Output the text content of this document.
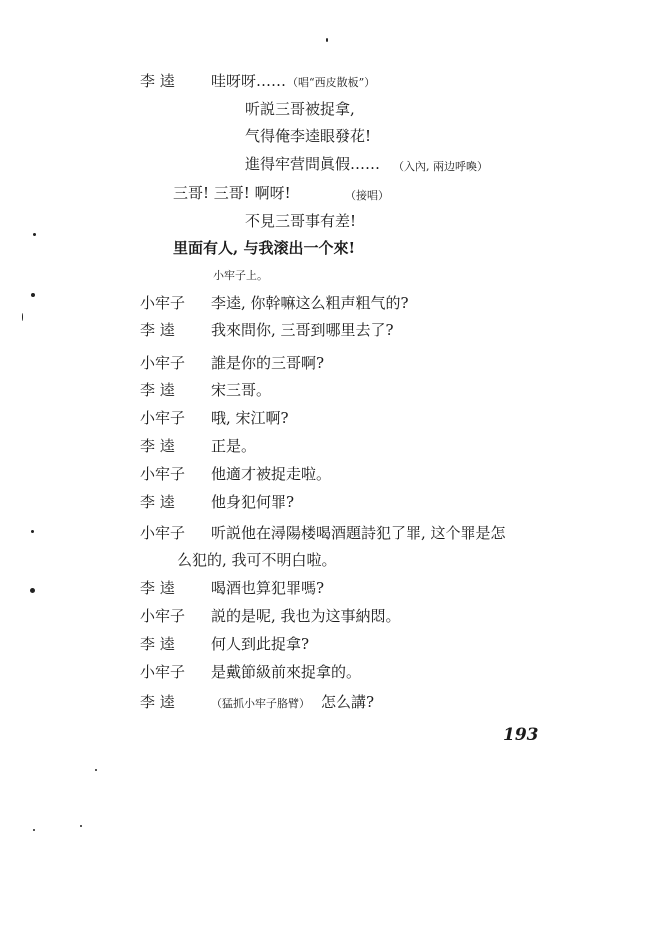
李 逵 哇呀呀…… （唱“西皮散板”）
听説三哥被捉拿,
气得俺李逵眼發花!
進得牢营問眞假…… （入內, 兩边呼喚）
三哥! 三哥! 啊呀!	（接唱）
不見三哥事有差!
里面有人, 与我滚出一个來!
小牢子上。
小牢子 李逵, 你幹嘛这么粗声粗气的?
李 逵 我來問你, 三哥到哪里去了?
小牢子 誰是你的三哥啊?
李 逵 宋三哥。
小牢子 哦, 宋江啊?
李 逵 正是。
小牢子 他適才被捉走啦。
李 逵 他身犯何罪?
小牢子 听説他在潯陽楼喝酒題詩犯了罪, 这个罪是怎
么犯的, 我可不明白啦。
李 逵 喝酒也算犯罪嗎?
小牢子 説的是呢, 我也为这事納悶。
李 逵 何人到此捉拿?
小牢子 是戴節級前來捉拿的。
李 逵	（猛抓小牢子胳臂） 怎么講?
193
